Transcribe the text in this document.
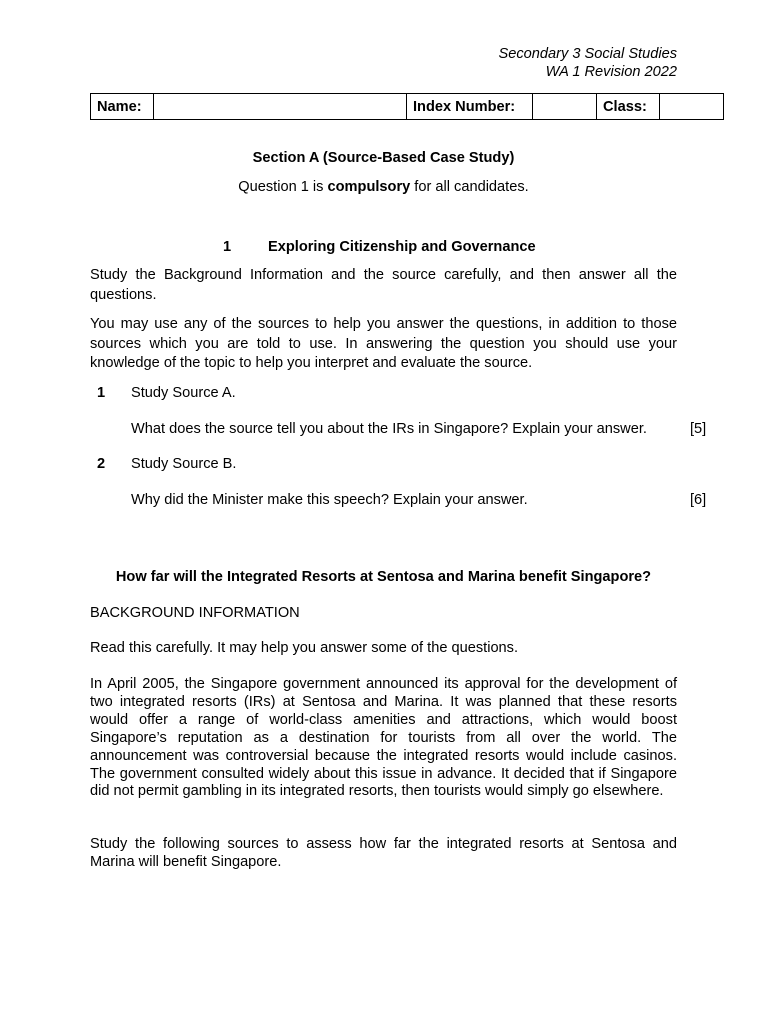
Secondary 3 Social Studies
WA 1 Revision 2022
Name:		Index Number:		Class:	
Section A (Source-Based Case Study)
Question 1 is compulsory for all candidates.
1	Exploring Citizenship and Governance
Study the Background Information and the source carefully, and then answer all the questions.
You may use any of the sources to help you answer the questions, in addition to those sources which you are told to use. In answering the question you should use your knowledge of the topic to help you interpret and evaluate the source.
1 Study Source A.
What does the source tell you about the IRs in Singapore? Explain your answer.	[5]
2 Study Source B.
Why did the Minister make this speech? Explain your answer.	[6]
How far will the Integrated Resorts at Sentosa and Marina benefit Singapore?
BACKGROUND INFORMATION
Read this carefully. It may help you answer some of the questions.
In April 2005, the Singapore government announced its approval for the development of two integrated resorts (IRs) at Sentosa and Marina. It was planned that these resorts would offer a range of world-class amenities and attractions, which would boost Singapore’s reputation as a destination for tourists from all over the world. The announcement was controversial because the integrated resorts would include casinos. The government consulted widely about this issue in advance. It decided that if Singapore did not permit gambling in its integrated resorts, then tourists would simply go elsewhere.
Study the following sources to assess how far the integrated resorts at Sentosa and Marina will benefit Singapore.
